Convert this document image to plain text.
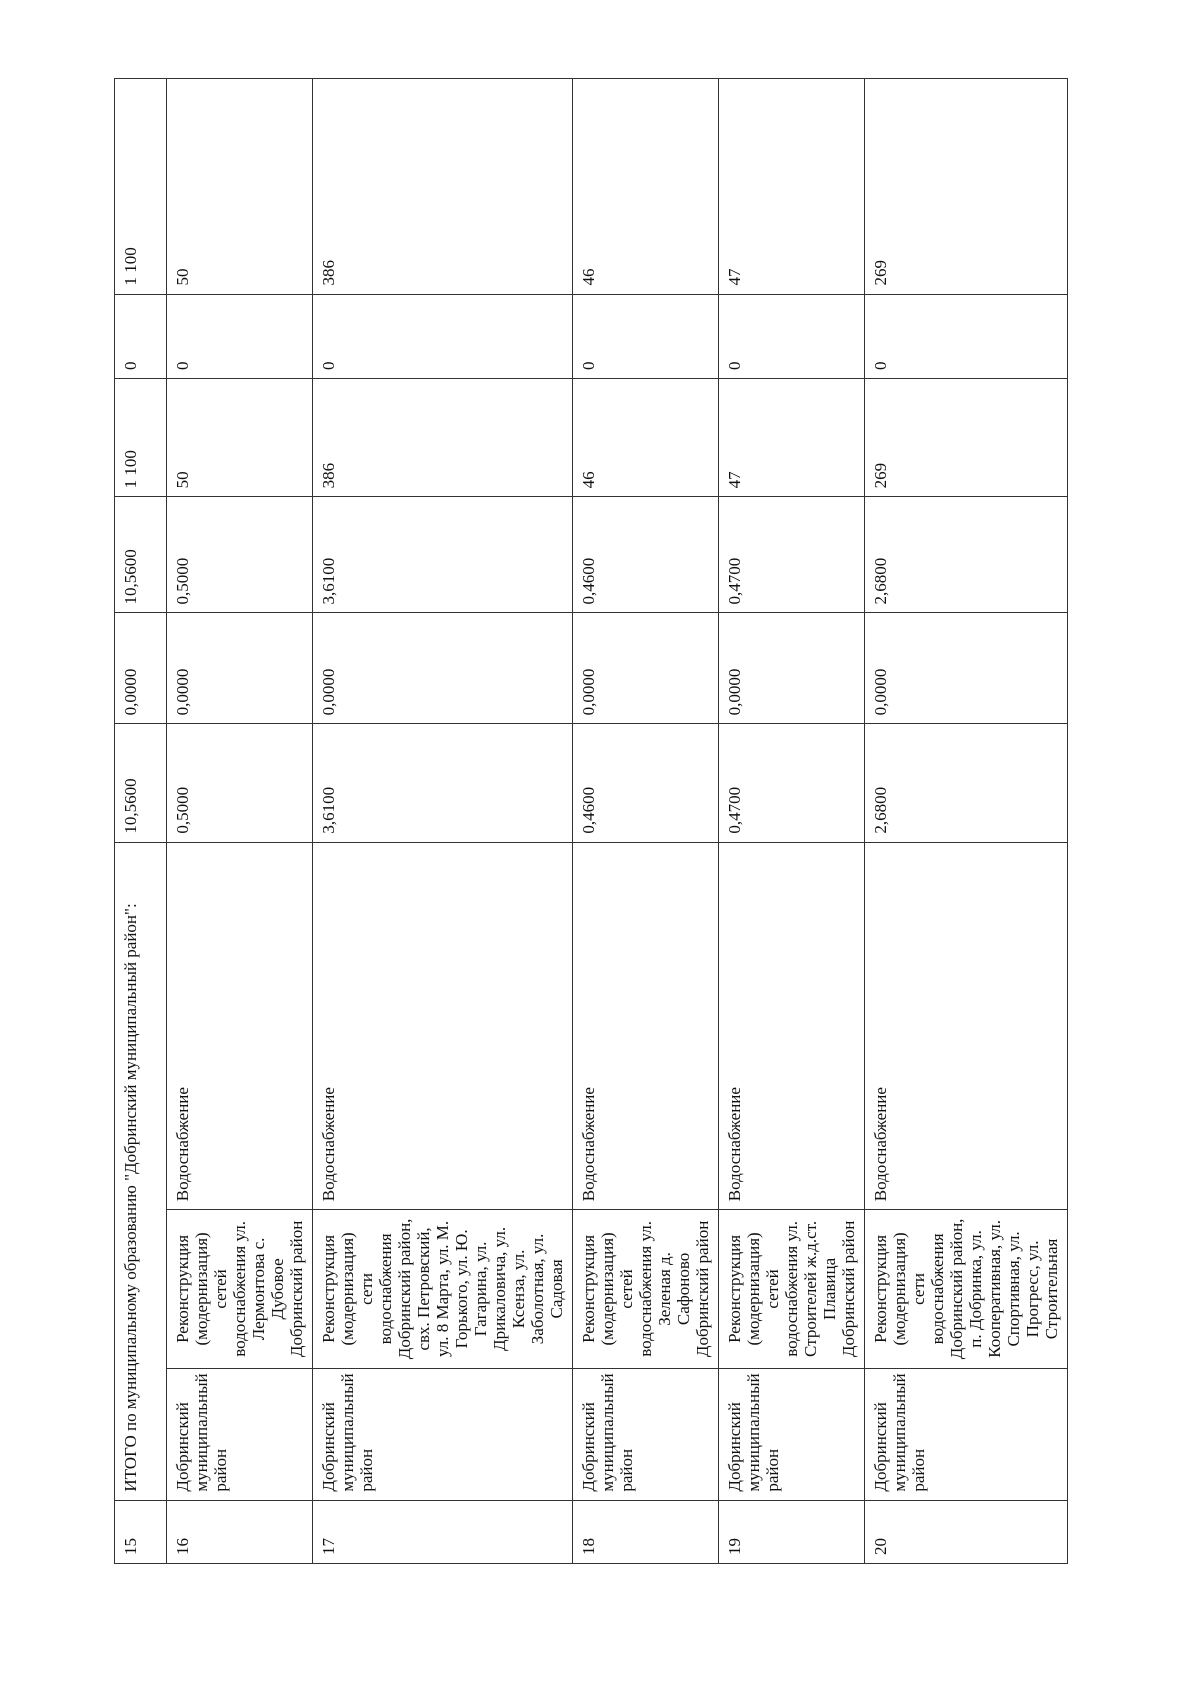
15	ИТОГО по муниципальному образованию "Добринский муниципальный район":			10,5600	0,0000	10,5600	1 100	0	1 100
16	Добринский муниципальный район	Реконструкция (модернизация) сетей водоснабжения ул. Лермонтова с. Дубовое Добринский район	Водоснабжение	0,5000	0,0000	0,5000	50	0	50
17	Добринский муниципальный район	Реконструкция (модернизация) сети водоснабжения Добринский район, свх. Петровский, ул. 8 Марта, ул. М. Горького, ул. Ю. Гагарина, ул. Дрикаловича, ул. Ксенза, ул. Заболотная, ул. Садовая	Водоснабжение	3,6100	0,0000	3,6100	386	0	386
18	Добринский муниципальный район	Реконструкция (модернизация) сетей водоснабжения ул. Зеленая д. Сафоново Добринский район	Водоснабжение	0,4600	0,0000	0,4600	46	0	46
19	Добринский муниципальный район	Реконструкция (модернизация) сетей водоснабжения ул. Строителей ж.д.ст. Плавица Добринский район	Водоснабжение	0,4700	0,0000	0,4700	47	0	47
20	Добринский муниципальный район	Реконструкция (модернизация) сети водоснабжения Добринский район, п. Добринка, ул. Кооперативная, ул. Спортивная, ул. Прогресс, ул. Строительная	Водоснабжение	2,6800	0,0000	2,6800	269	0	269
